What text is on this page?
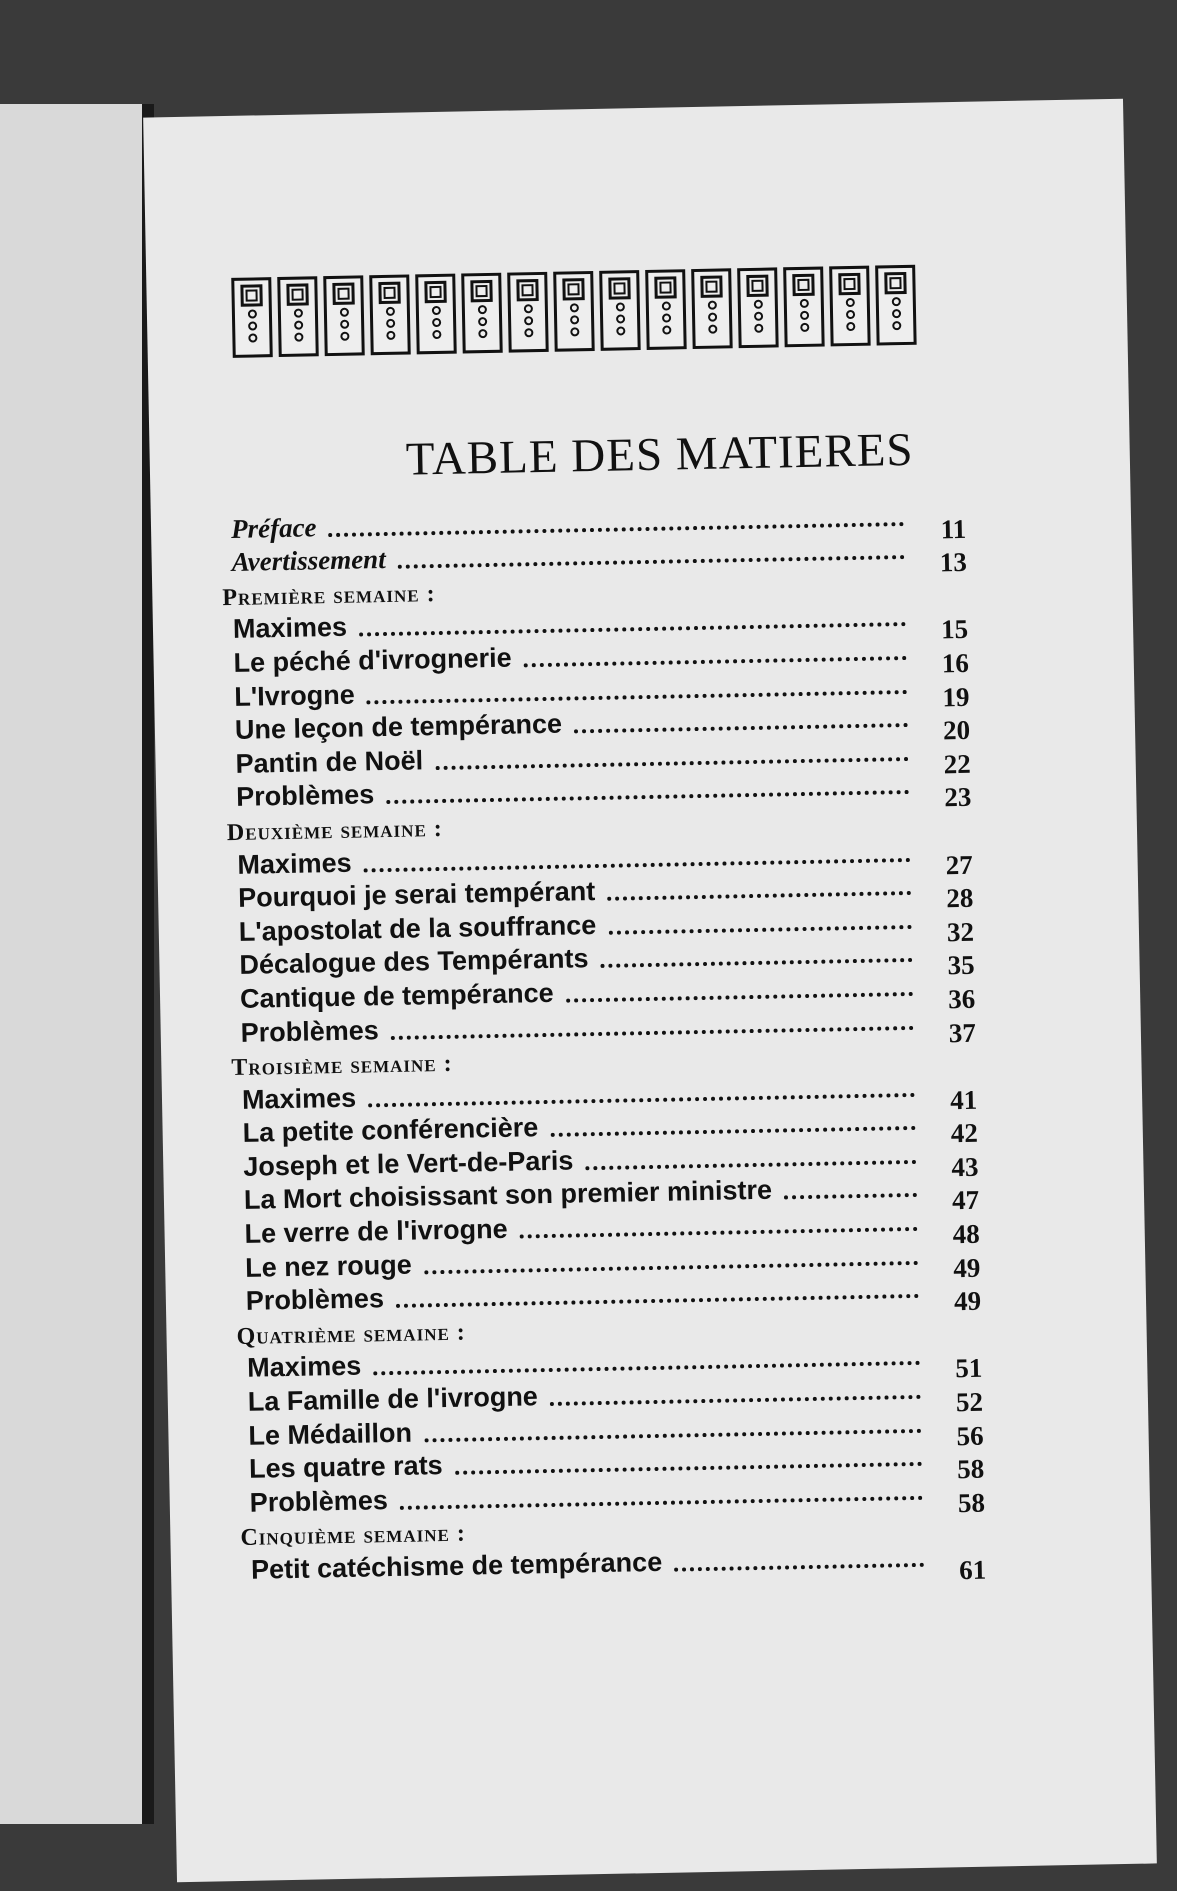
TABLE DES MATIERES
Préface	11
Avertissement	13
Première semaine :
Maximes	15
Le péché d'ivrognerie	16
L'Ivrogne	19
Une leçon de tempérance	20
Pantin de Noël	22
Problèmes	23
Deuxième semaine :
Maximes	27
Pourquoi je serai tempérant	28
L'apostolat de la souffrance	32
Décalogue des Tempérants	35
Cantique de tempérance	36
Problèmes	37
Troisième semaine :
Maximes	41
La petite conférencière	42
Joseph et le Vert-de-Paris	43
La Mort choisissant son premier ministre	47
Le verre de l'ivrogne	48
Le nez rouge	49
Problèmes	49
Quatrième semaine :
Maximes	51
La Famille de l'ivrogne	52
Le Médaillon	56
Les quatre rats	58
Problèmes	58
Cinquième semaine :
Petit catéchisme de tempérance	61
